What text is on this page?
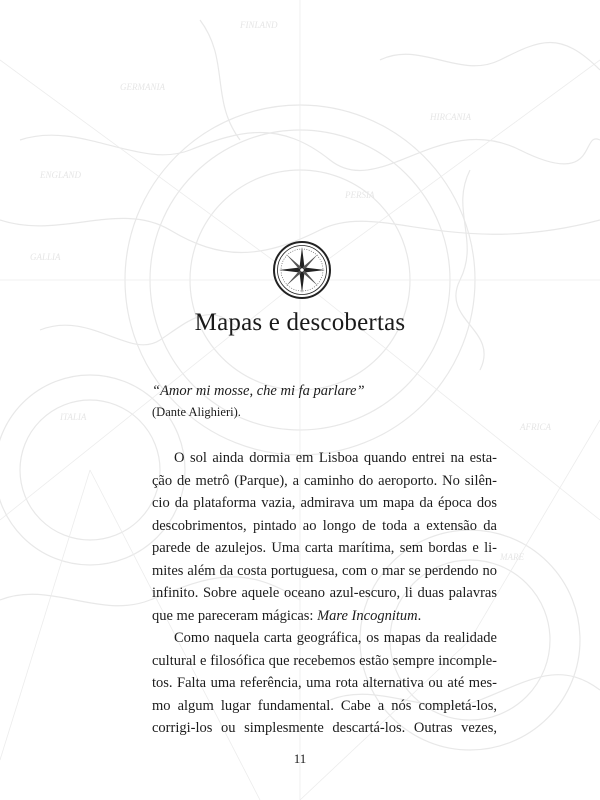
ENGLAND
FINLAND
PERSIA
GERMANIA
GALLIA
ITALIA
AFRICA
HIRCANIA
MARE
Mapas e descobertas
“Amor mi mosse, che mi fa parlare”
(Dante Alighieri).
O sol ainda dormia em Lisboa quando entrei na esta-
ção de metrô (Parque), a caminho do aeroporto. No silên-
cio da plataforma vazia, admirava um mapa da época dos
descobrimentos, pintado ao longo de toda a extensão da
parede de azulejos. Uma carta marítima, sem bordas e li-
mites além da costa portuguesa, com o mar se perdendo no
infinito. Sobre aquele oceano azul-escuro, li duas palavras
que me pareceram mágicas: Mare Incognitum.
Como naquela carta geográfica, os mapas da realidade
cultural e filosófica que recebemos estão sempre incomple-
tos. Falta uma referência, uma rota alternativa ou até mes-
mo algum lugar fundamental. Cabe a nós completá-los,
corrigi-los ou simplesmente descartá-los. Outras vezes,
11
